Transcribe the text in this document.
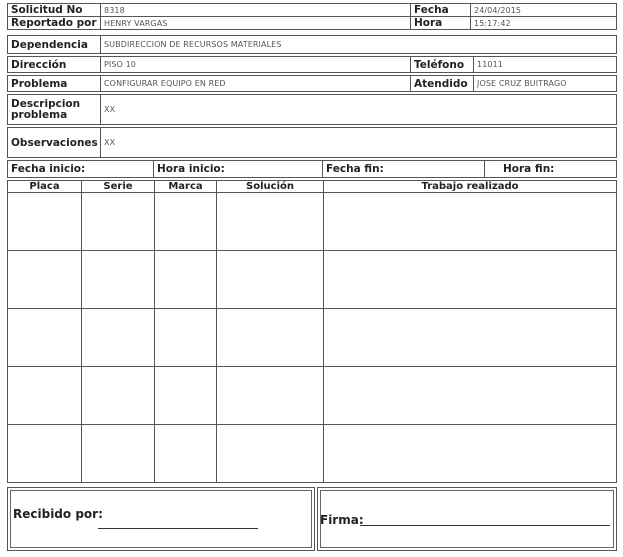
Solicitud No	8318	Fecha	24/04/2015
Reportado por	HENRY VARGAS	Hora	15:17:42
Dependencia	SUBDIRECCION DE RECURSOS MATERIALES
Dirección	PISO 10	Teléfono	11011
Problema	CONFIGURAR EQUIPO EN RED	Atendido	JOSE CRUZ BUITRAGO
Descripcion
problema	XX
Observaciones	XX
Fecha inicio:	Hora inicio:	Fecha fin:	Hora fin:
Placa	Serie	Marca	Solución	Trabajo realizado

Recibido por:	Firma:
